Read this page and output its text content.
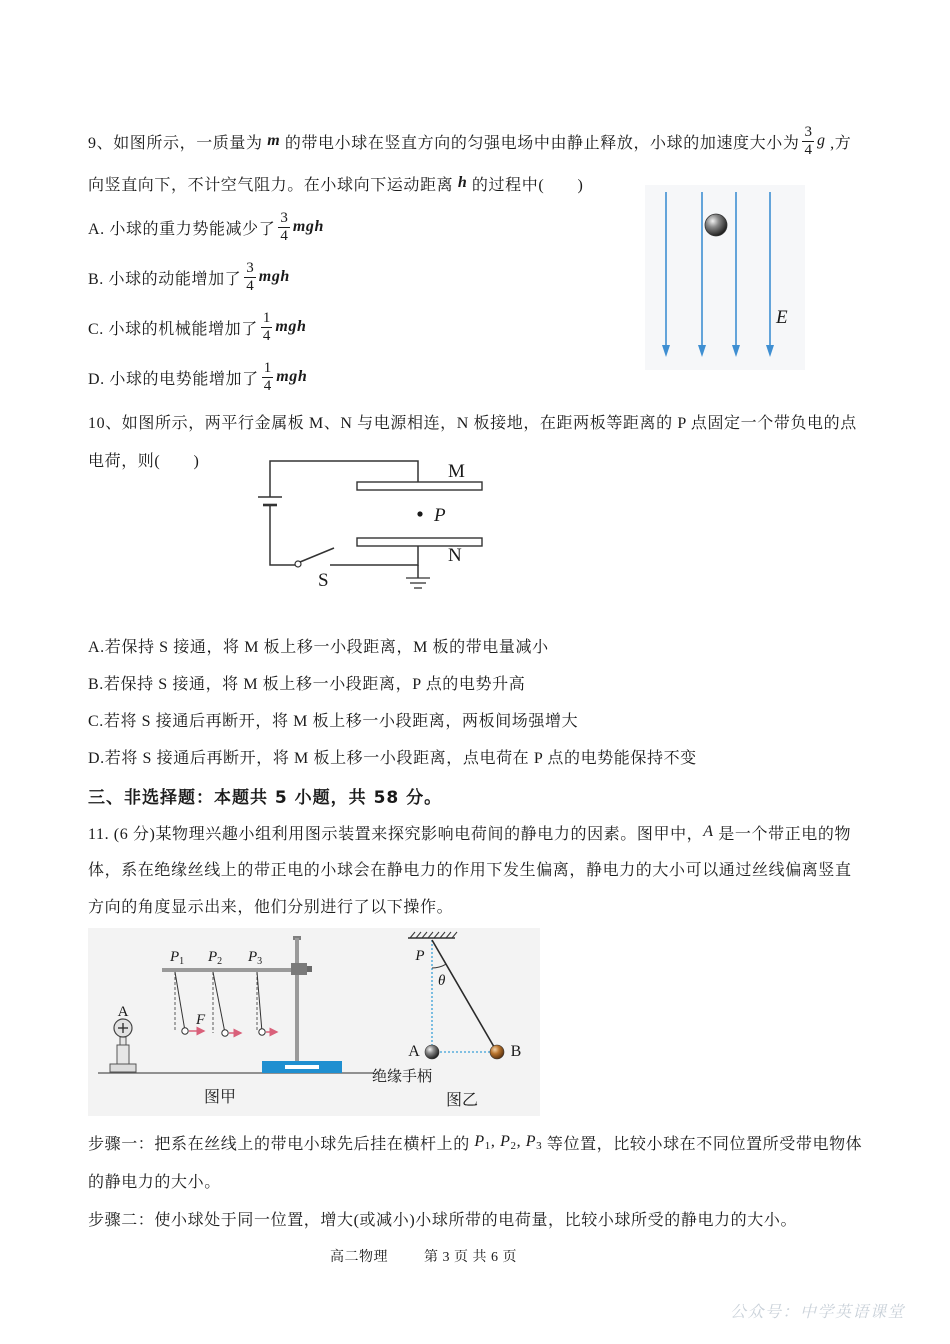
9、如图所示，一质量为 m 的带电小球在竖直方向的匀强电场中由静止释放，小球的加速度大小为 $\frac{3}{4}$ g ,方
向竖直向下，不计空气阻力。在小球向下运动距离 h 的过程中(　　)
A. 小球的重力势能减少了 $\frac{3}{4}$ mgh
B. 小球的动能增加了 $\frac{3}{4}$ mgh
C. 小球的机械能增加了 $\frac{1}{4}$ mgh
D. 小球的电势能增加了 $\frac{1}{4}$ mgh
E
10、如图所示，两平行金属板 M、N 与电源相连，N 板接地，在距两板等距离的 P 点固定一个带负电的点
电荷，则(　　)	M
P
N
S
A.若保持 S 接通，将 M 板上移一小段距离，M 板的带电量减小
B.若保持 S 接通，将 M 板上移一小段距离，P 点的电势升高
C.若将 S 接通后再断开，将 M 板上移一小段距离，两板间场强增大
D.若将 S 接通后再断开，将 M 板上移一小段距离，点电荷在 P 点的电势能保持不变
三、非选择题：本题共 5 小题，共 58 分。
11. (6 分)某物理兴趣小组利用图示装置来探究影响电荷间的静电力的因素。图甲中， A 是一个带正电的物
体，系在绝缘丝线上的带正电的小球会在静电力的作用下发生偏离，静电力的大小可以通过丝线偏离竖直
方向的角度显示出来，他们分别进行了以下操作。
A
$P_1$ $P_2$ $P_3$
F
图甲
P
θ
A	B
绝缘手柄
图乙
步骤一：把系在丝线上的带电小球先后挂在横杆上的 $P_1$ , $P_2$ , $P_3$ 等位置，比较小球在不同位置所受带电物体
的静电力的大小。
步骤二：使小球处于同一位置，增大(或减小)小球所带的电荷量，比较小球所受的静电力的大小。
高二物理	第 3 页 共 6 页
公众号：中学英语课堂
